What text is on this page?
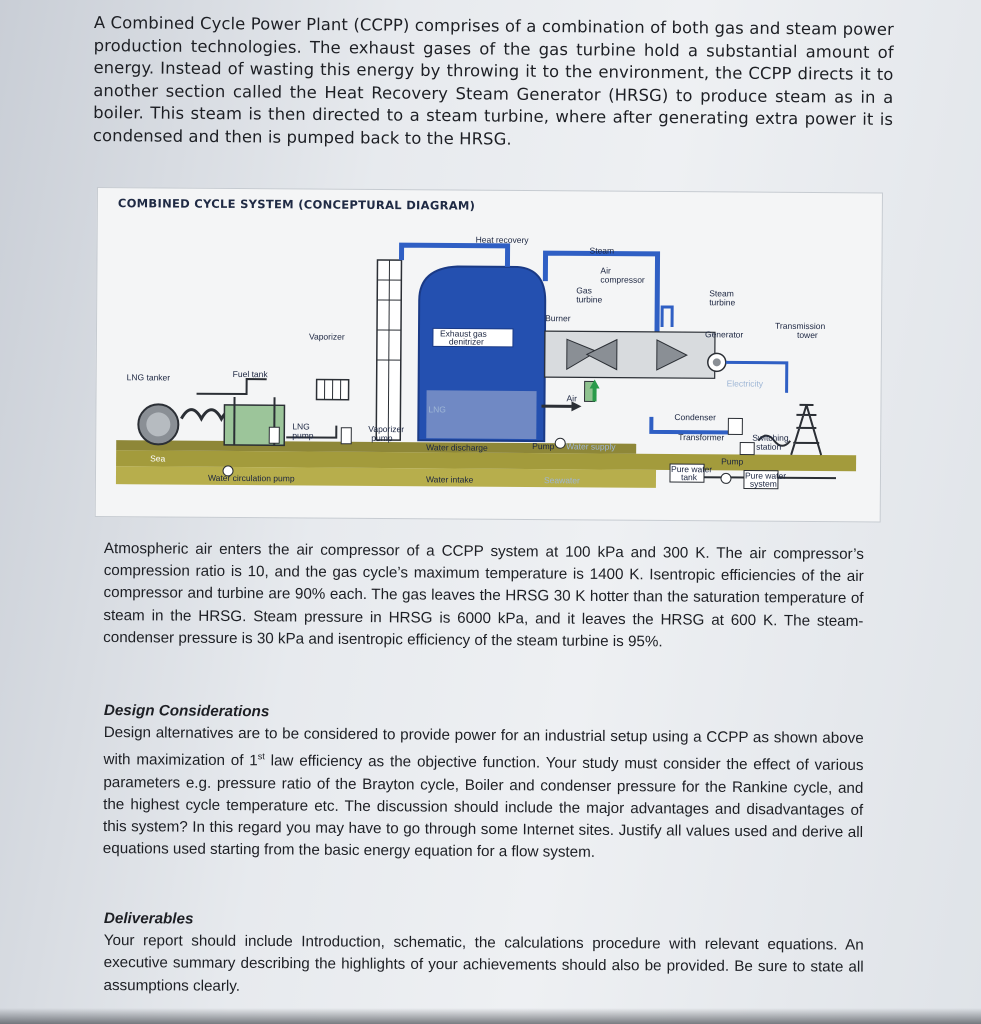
A Combined Cycle Power Plant (CCPP) comprises of a combination of both gas and steam power production technologies. The exhaust gases of the gas turbine hold a substantial amount of energy. Instead of wasting this energy by throwing it to the environment, the CCPP directs it to another section called the Heat Recovery Steam Generator (HRSG) to produce steam as in a boiler. This steam is then directed to a steam turbine, where after generating extra power it is condensed and then is pumped back to the HRSG.
Heat recovery
Steam
Air
compressor
Gas
turbine
Steam
turbine
Burner
Exhaust gas
denitrizer
Vaporizer	Generator
Transmission
tower
LNG tanker	Fuel tank
Electricity
LNG
Air
Condenser
LNG
pump
Vaporizer
pump
Water discharge	Pump Water supply
Transformer	Switching
station
Sea	Pump
Pure water
tank	Pure water
system
Water circulation pump	Water intake	Seawater
COMBINED CYCLE SYSTEM (CONCEPTURAL DIAGRAM)
Atmospheric air enters the air compressor of a CCPP system at 100 kPa and 300 K. The air compressor’s compression ratio is 10, and the gas cycle’s maximum temperature is 1400 K. Isentropic efficiencies of the air compressor and turbine are 90% each. The gas leaves the HRSG 30 K hotter than the saturation temperature of steam in the HRSG. Steam pressure in HRSG is 6000 kPa, and it leaves the HRSG at 600 K. The steam-condenser pressure is 30 kPa and isentropic efficiency of the steam turbine is 95%.
Design Considerations
Design alternatives are to be considered to provide power for an industrial setup using a CCPP as shown above with maximization of 1st law efficiency as the objective function. Your study must consider the effect of various parameters e.g. pressure ratio of the Brayton cycle, Boiler and condenser pressure for the Rankine cycle, and the highest cycle temperature etc. The discussion should include the major advantages and disadvantages of this system? In this regard you may have to go through some Internet sites. Justify all values used and derive all equations used starting from the basic energy equation for a flow system.
Deliverables
Your report should include Introduction, schematic, the calculations procedure with relevant equations. An executive summary describing the highlights of your achievements should also be provided. Be sure to state all assumptions clearly.
